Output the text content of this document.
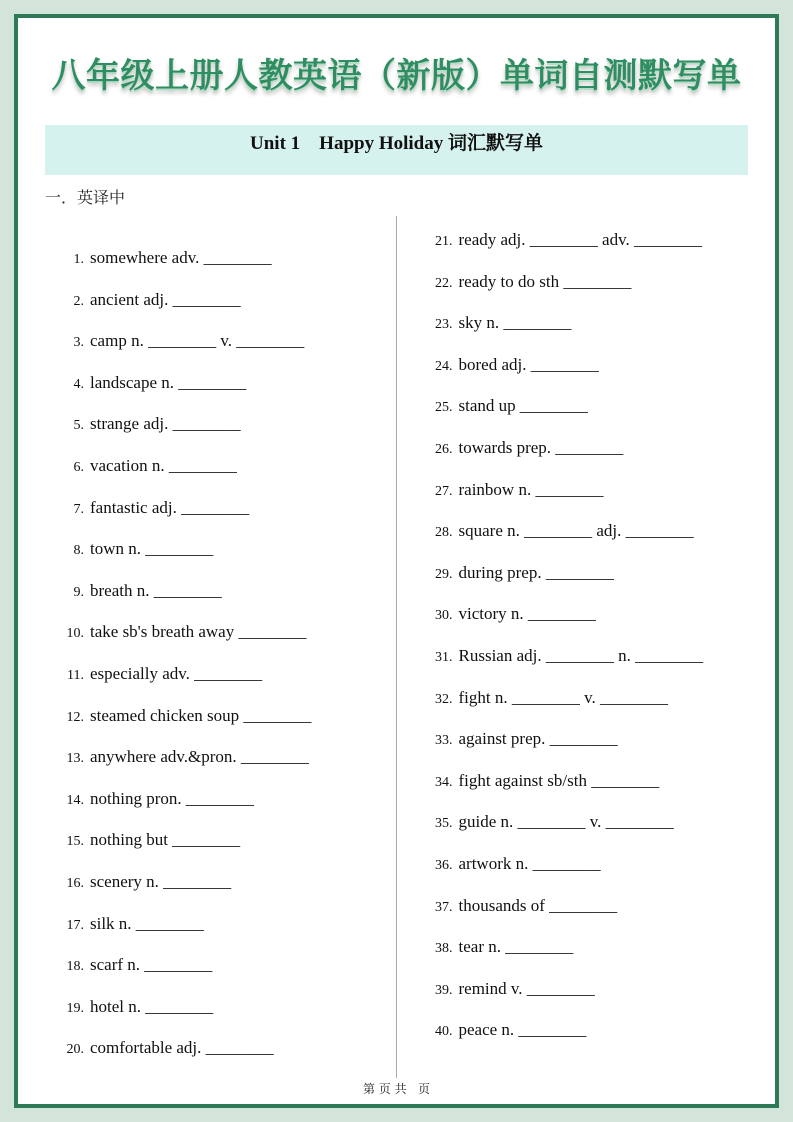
八年级上册人教英语（新版）单词自测默写单
Unit 1    Happy Holiday 词汇默写单
一．英译中
1. somewhere adv. ________
2. ancient adj. ________
3. camp n. ________ v. ________
4. landscape n. ________
5. strange adj. ________
6. vacation n. ________
7. fantastic adj. ________
8. town n. ________
9. breath n. ________
10. take sb's breath away ________
11. especially adv. ________
12. steamed chicken soup ________
13. anywhere adv.&pron. ________
14. nothing pron. ________
15. nothing but ________
16. scenery n. ________
17. silk n. ________
18. scarf n. ________
19. hotel n. ________
20. comfortable adj. ________
21. ready adj. ________ adv. ________
22. ready to do sth ________
23. sky n. ________
24. bored adj. ________
25. stand up ________
26. towards prep. ________
27. rainbow n. ________
28. square n. ________ adj. ________
29. during prep. ________
30. victory n. ________
31. Russian adj. ________ n. ________
32. fight n. ________ v. ________
33. against prep. ________
34. fight against sb/sth ________
35. guide n. ________ v. ________
36. artwork n. ________
37. thousands of ________
38. tear n. ________
39. remind v. ________
40. peace n. ________
第 页 共   页
